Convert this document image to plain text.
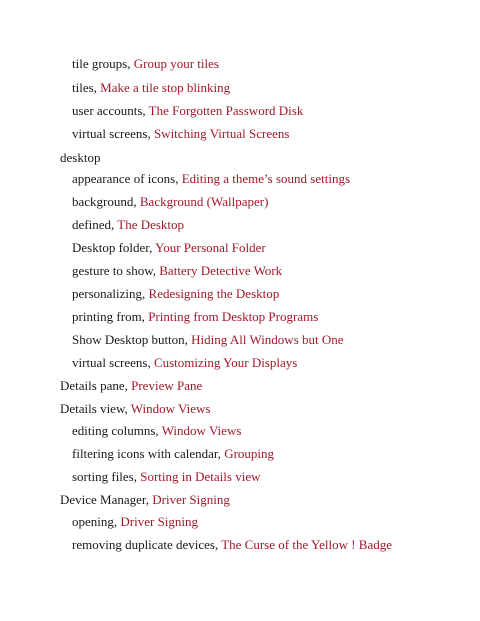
tile groups, Group your tiles
tiles, Make a tile stop blinking
user accounts, The Forgotten Password Disk
virtual screens, Switching Virtual Screens
desktop
appearance of icons, Editing a theme’s sound settings
background, Background (Wallpaper)
defined, The Desktop
Desktop folder, Your Personal Folder
gesture to show, Battery Detective Work
personalizing, Redesigning the Desktop
printing from, Printing from Desktop Programs
Show Desktop button, Hiding All Windows but One
virtual screens, Customizing Your Displays
Details pane, Preview Pane
Details view, Window Views
editing columns, Window Views
filtering icons with calendar, Grouping
sorting files, Sorting in Details view
Device Manager, Driver Signing
opening, Driver Signing
removing duplicate devices, The Curse of the Yellow ! Badge
